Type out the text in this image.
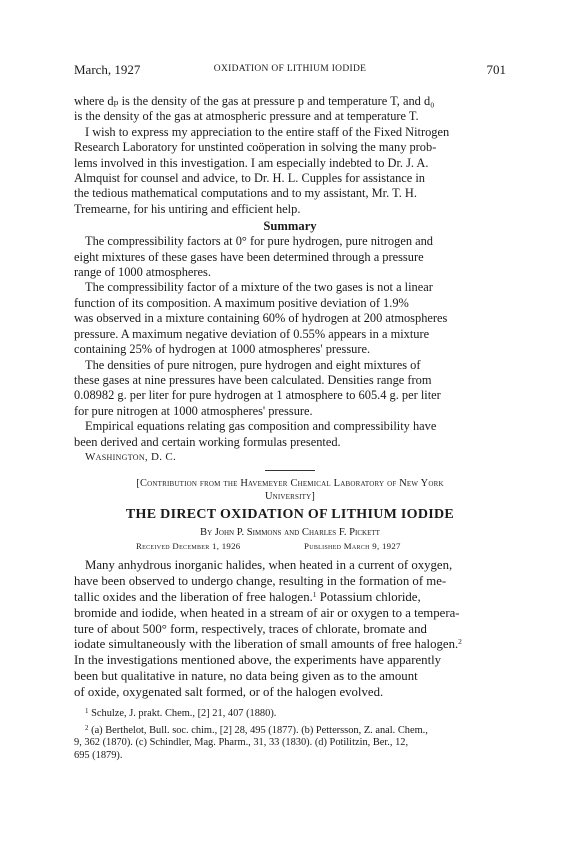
March, 1927	OXIDATION OF LITHIUM IODIDE	701

where dₚ is the density of the gas at pressure p and temperature T, and d₀
is the density of the gas at atmospheric pressure and at temperature T.

I wish to express my appreciation to the entire staff of the Fixed Nitrogen
Research Laboratory for unstinted coöperation in solving the many prob-
lems involved in this investigation. I am especially indebted to Dr. J. A.
Almquist for counsel and advice, to Dr. H. L. Cupples for assistance in
the tedious mathematical computations and to my assistant, Mr. T. H.
Tremearne, for his untiring and efficient help.

Summary

The compressibility factors at 0° for pure hydrogen, pure nitrogen and
eight mixtures of these gases have been determined through a pressure
range of 1000 atmospheres.

The compressibility factor of a mixture of the two gases is not a linear
function of its composition. A maximum positive deviation of 1.9%
was observed in a mixture containing 60% of hydrogen at 200 atmospheres
pressure. A maximum negative deviation of 0.55% appears in a mixture
containing 25% of hydrogen at 1000 atmospheres' pressure.

The densities of pure nitrogen, pure hydrogen and eight mixtures of
these gases at nine pressures have been calculated. Densities range from
0.08982 g. per liter for pure hydrogen at 1 atmosphere to 605.4 g. per liter
for pure nitrogen at 1000 atmospheres' pressure.

Empirical equations relating gas composition and compressibility have
been derived and certain working formulas presented.

Washington, D. C.
[Contribution from the Havemeyer Chemical Laboratory of New York
University]
THE DIRECT OXIDATION OF LITHIUM IODIDE
By John P. Simmons and Charles F. Pickett
Received December 1, 1926	Published March 9, 1927

Many anhydrous inorganic halides, when heated in a current of oxygen,
have been observed to undergo change, resulting in the formation of me-
tallic oxides and the liberation of free halogen.$^1$ Potassium chloride,
bromide and iodide, when heated in a stream of air or oxygen to a tempera-
ture of about 500° form, respectively, traces of chlorate, bromate and
iodate simultaneously with the liberation of small amounts of free halogen.$^2$
In the investigations mentioned above, the experiments have apparently
been but qualitative in nature, no data being given as to the amount
of oxide, oxygenated salt formed, or of the halogen evolved.

$^1$ Schulze, J. prakt. Chem., [2] 21, 407 (1880).
$^2$ (a) Berthelot, Bull. soc. chim., [2] 28, 495 (1877). (b) Pettersson, Z. anal. Chem.,
9, 362 (1870). (c) Schindler, Mag. Pharm., 31, 33 (1830). (d) Potilitzin, Ber., 12,
695 (1879).
